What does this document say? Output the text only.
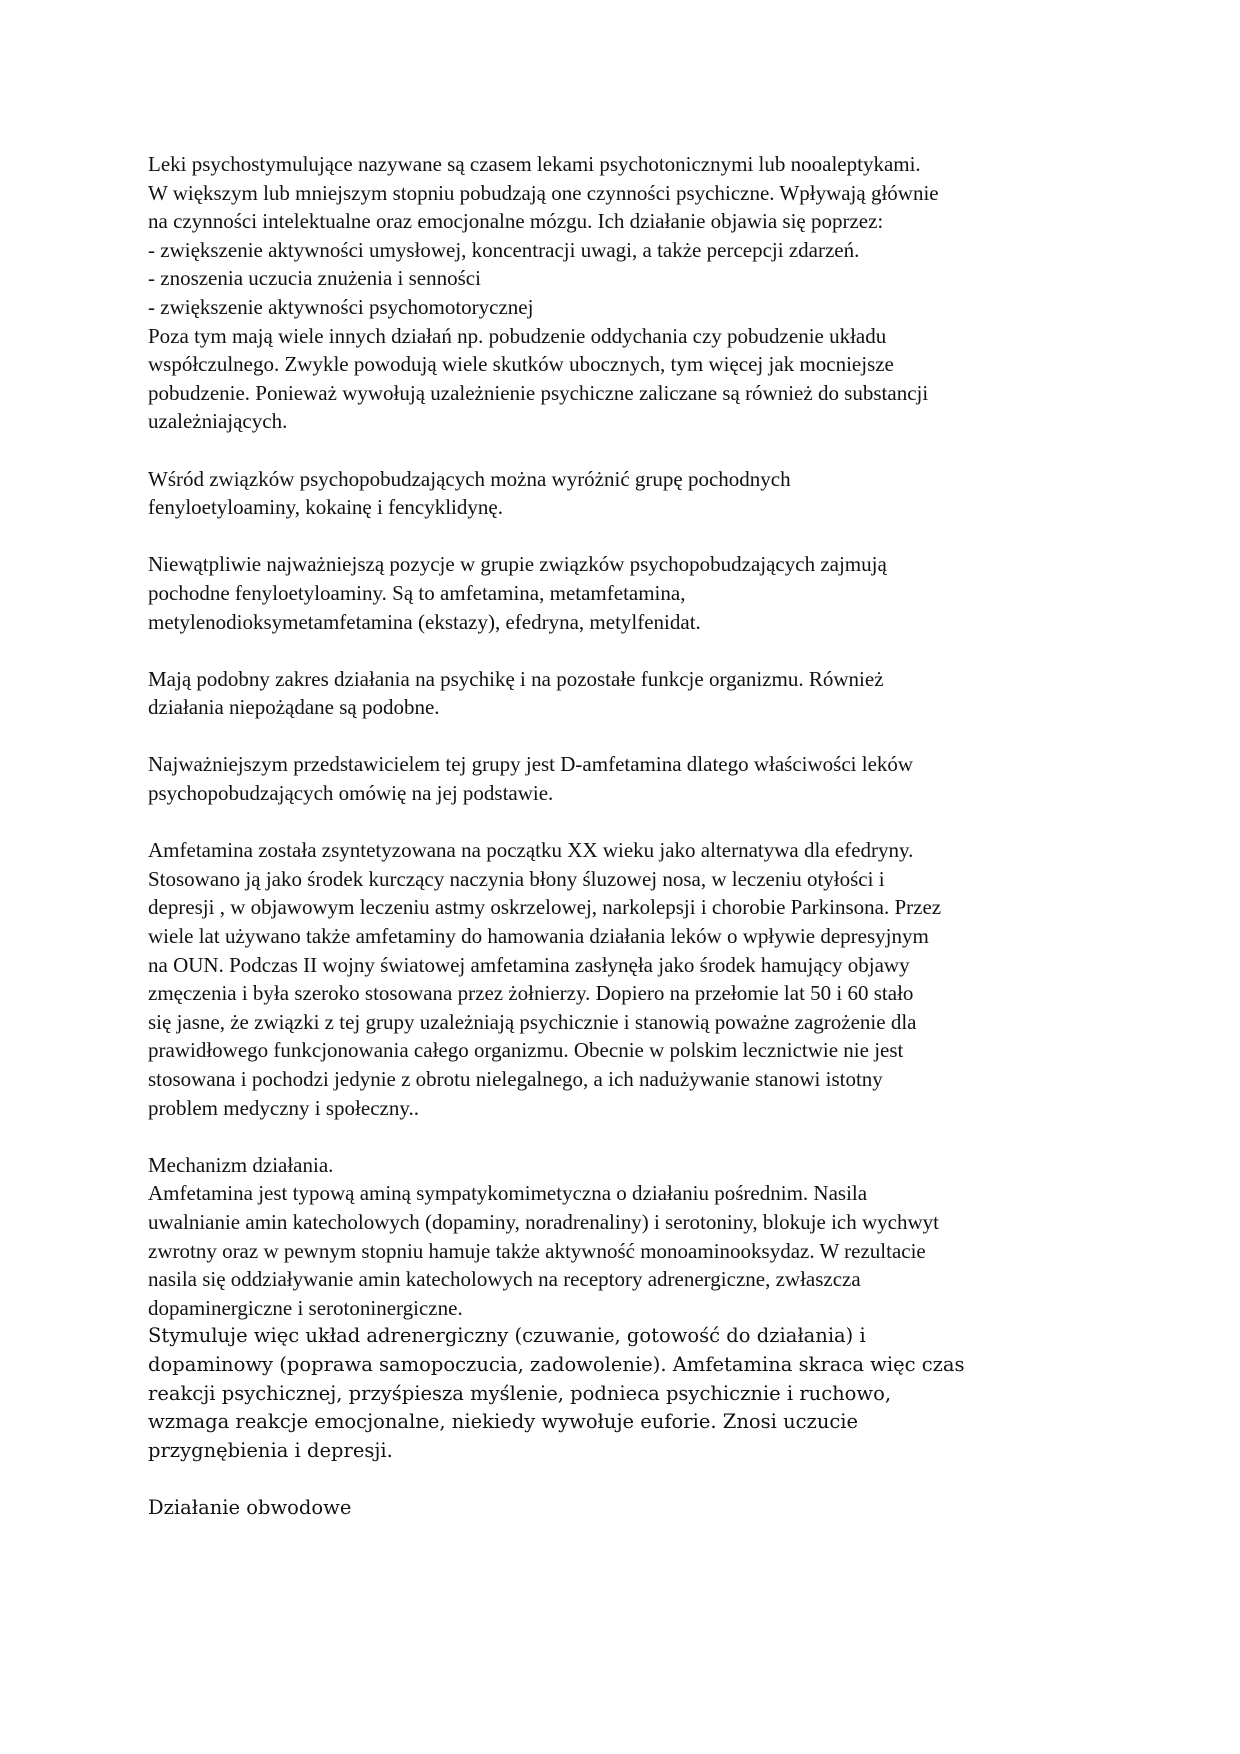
Leki psychostymulujące nazywane są czasem lekami psychotonicznymi lub nooaleptykami.
W większym lub mniejszym stopniu pobudzają one czynności psychiczne. Wpływają głównie
na czynności intelektualne oraz emocjonalne mózgu. Ich działanie objawia się poprzez:
- zwiększenie aktywności umysłowej, koncentracji uwagi, a także percepcji zdarzeń.
- znoszenia uczucia znużenia i senności
- zwiększenie aktywności psychomotorycznej
Poza tym mają wiele innych działań np. pobudzenie oddychania czy pobudzenie układu
współczulnego. Zwykle powodują wiele skutków ubocznych, tym więcej jak mocniejsze
pobudzenie. Ponieważ wywołują uzależnienie psychiczne zaliczane są również do substancji
uzależniających.
Wśród związków psychopobudzających można wyróżnić grupę pochodnych
fenyloetyloaminy, kokainę i fencyklidynę.
Niewątpliwie najważniejszą pozycje w grupie związków psychopobudzających zajmują
pochodne fenyloetyloaminy. Są to amfetamina, metamfetamina,
metylenodioksymetamfetamina (ekstazy), efedryna, metylfenidat.
Mają podobny zakres działania na psychikę i na pozostałe funkcje organizmu. Również
działania niepożądane są podobne.
Najważniejszym przedstawicielem tej grupy jest D-amfetamina dlatego właściwości leków
psychopobudzających omówię na jej podstawie.
Amfetamina została zsyntetyzowana na początku XX wieku jako alternatywa dla efedryny.
Stosowano ją jako środek kurczący naczynia błony śluzowej nosa, w leczeniu otyłości i
depresji , w objawowym leczeniu astmy oskrzelowej, narkolepsji i chorobie Parkinsona. Przez
wiele lat używano także amfetaminy do hamowania działania leków o wpływie depresyjnym
na OUN. Podczas II wojny światowej amfetamina zasłynęła jako środek hamujący objawy
zmęczenia i była szeroko stosowana przez żołnierzy. Dopiero na przełomie lat 50 i 60 stało
się jasne, że związki z tej grupy uzależniają psychicznie i stanowią poważne zagrożenie dla
prawidłowego funkcjonowania całego organizmu. Obecnie w polskim lecznictwie nie jest
stosowana i pochodzi jedynie z obrotu nielegalnego, a ich nadużywanie stanowi istotny
problem medyczny i społeczny..
Mechanizm działania.
Amfetamina jest typową aminą sympatykomimetyczna o działaniu pośrednim. Nasila
uwalnianie amin katecholowych (dopaminy, noradrenaliny) i serotoniny, blokuje ich wychwyt
zwrotny oraz w pewnym stopniu hamuje także aktywność monoaminooksydaz. W rezultacie
nasila się oddziaływanie amin katecholowych na receptory adrenergiczne, zwłaszcza
dopaminergiczne i serotoninergiczne.
Stymuluje więc układ adrenergiczny (czuwanie, gotowość do działania) i
dopaminowy (poprawa samopoczucia, zadowolenie). Amfetamina skraca więc czas
reakcji psychicznej, przyśpiesza myślenie, podnieca psychicznie i ruchowo,
wzmaga reakcje emocjonalne, niekiedy wywołuje euforie. Znosi uczucie
przygnębienia i depresji.
Działanie obwodowe
